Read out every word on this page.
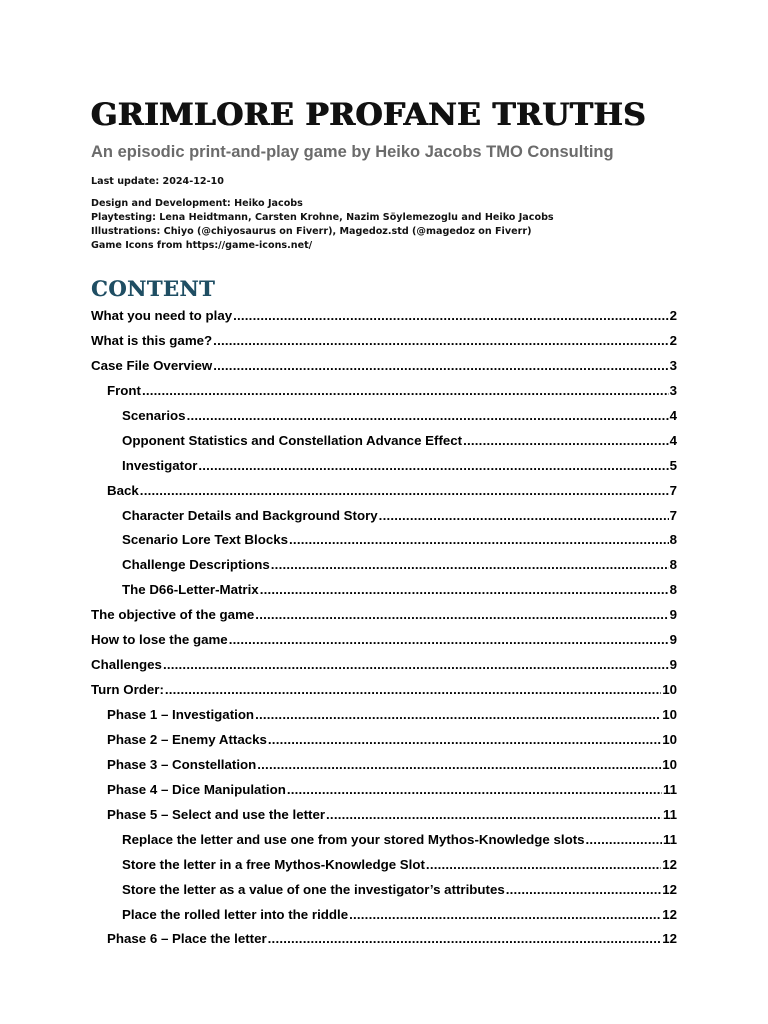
GRIMLORE PROFANE TRUTHS
An episodic print-and-play game by Heiko Jacobs TMO Consulting
Last update: 2024-12-10
Design and Development: Heiko Jacobs
Playtesting: Lena Heidtmann, Carsten Krohne, Nazim Söylemezoglu and Heiko Jacobs
Illustrations: Chiyo (@chiyosaurus on Fiverr), Magedoz.std (@magedoz on Fiverr)
Game Icons from https://game-icons.net/
CONTENT
What you need to play .....	2
What is this game? .....	2
Case File Overview .....	3
Front .....	3
Scenarios .....	4
Opponent Statistics and Constellation Advance Effect .....	4
Investigator .....	5
Back .....	7
Character Details and Background Story .....	7
Scenario Lore Text Blocks .....	8
Challenge Descriptions .....	8
The D66-Letter-Matrix .....	8
The objective of the game .....	9
How to lose the game .....	9
Challenges .....	9
Turn Order: .....	10
Phase 1 – Investigation .....	10
Phase 2 – Enemy Attacks .....	10
Phase 3 – Constellation .....	10
Phase 4 – Dice Manipulation .....	11
Phase 5 – Select and use the letter .....	11
Replace the letter and use one from your stored Mythos-Knowledge slots .....	11
Store the letter in a free Mythos-Knowledge Slot .....	12
Store the letter as a value of one the investigator’s attributes .....	12
Place the rolled letter into the riddle .....	12
Phase 6 – Place the letter .....	12
